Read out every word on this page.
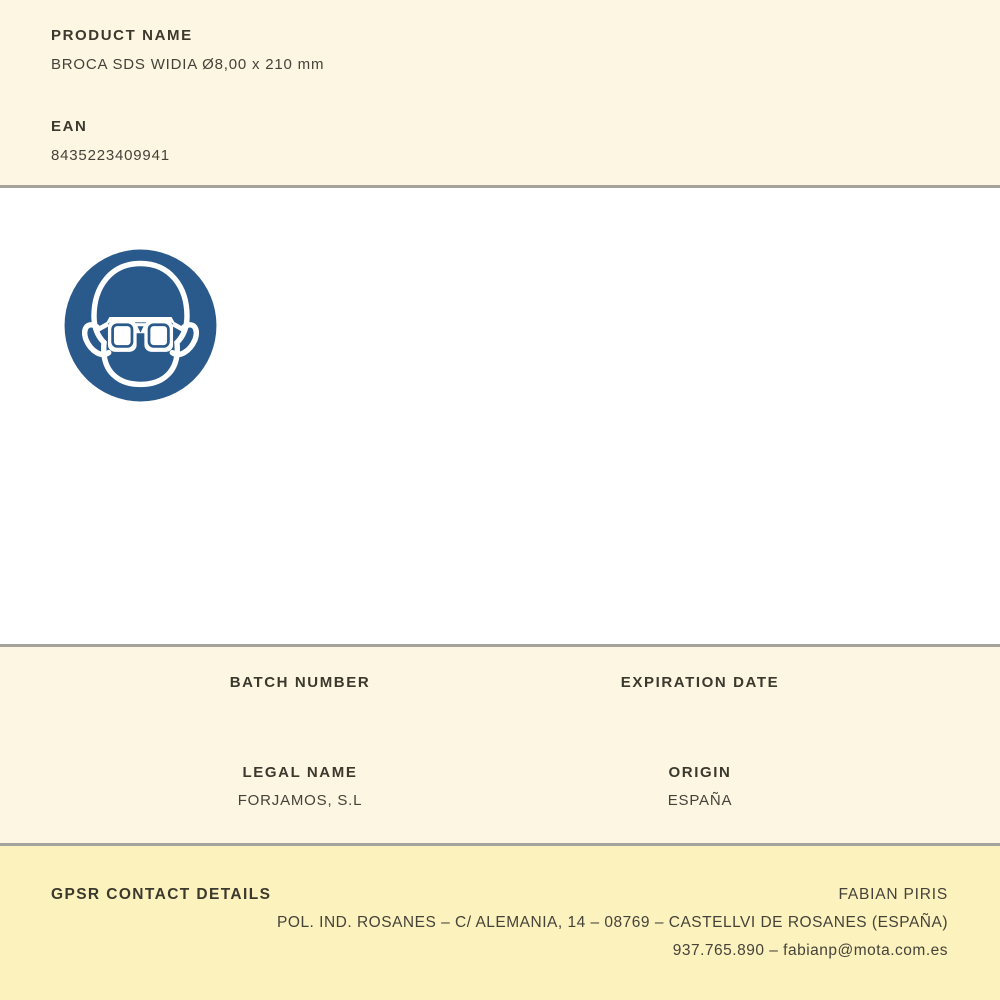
PRODUCT NAME
BROCA SDS WIDIA Ø8,00 x 210 mm
EAN
8435223409941
BATCH NUMBER	EXPIRATION DATE
LEGAL NAME
FORJAMOS, S.L
ORIGIN
ESPAÑA
GPSR CONTACT DETAILS	FABIAN PIRIS
POL. IND. ROSANES – C/ ALEMANIA, 14 – 08769 – CASTELLVI DE ROSANES (ESPAÑA)
937.765.890 – fabianp@mota.com.es
